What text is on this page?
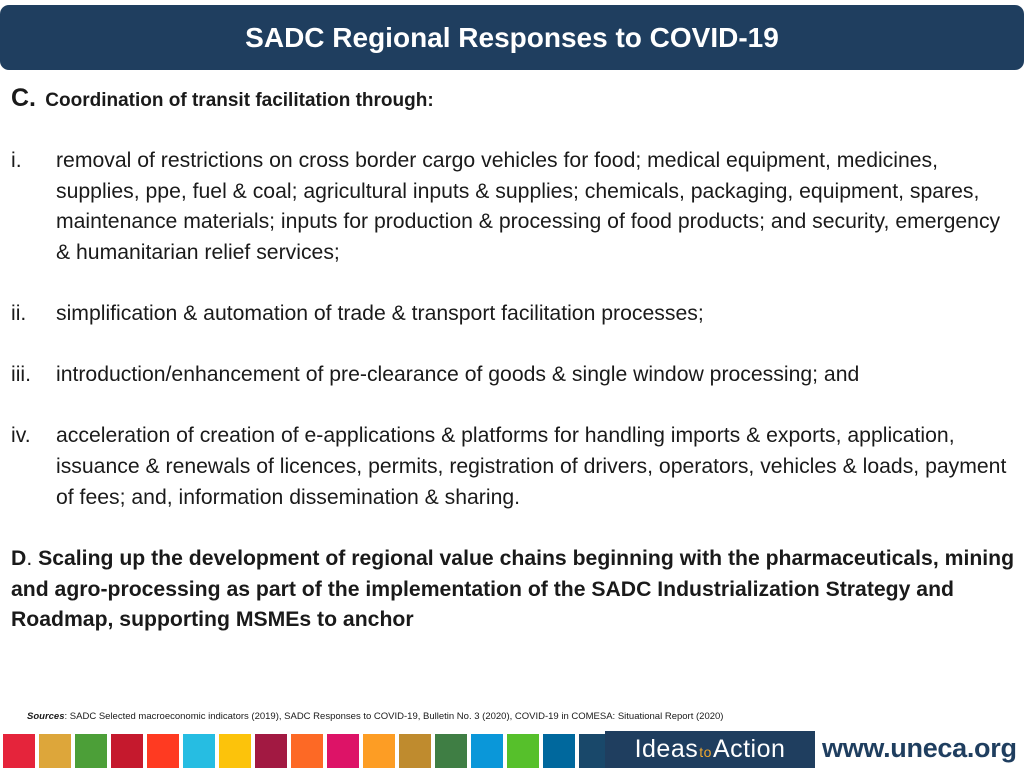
SADC Regional Responses to COVID-19
C. Coordination of transit facilitation through:
i.	removal of restrictions on cross border cargo vehicles for food; medical equipment, medicines, supplies, ppe, fuel & coal; agricultural inputs & supplies; chemicals, packaging, equipment, spares, maintenance materials; inputs for production & processing of food products; and security, emergency & humanitarian relief services;
ii.	simplification & automation of trade & transport facilitation processes;
iii.	introduction/enhancement of pre-clearance of goods & single window processing; and
iv.	acceleration of creation of e-applications & platforms for handling imports & exports, application, issuance & renewals of licences, permits, registration of drivers, operators, vehicles & loads, payment of fees; and, information dissemination & sharing.
D. Scaling up the development of regional value chains beginning with the pharmaceuticals, mining and agro-processing as part of the implementation of the SADC Industrialization Strategy and Roadmap, supporting MSMEs to anchor
Sources: SADC Selected macroeconomic indicators (2019), SADC Responses to COVID-19, Bulletin No. 3 (2020), COVID-19 in COMESA: Situational Report (2020)
IdeastoAction www.uneca.org
